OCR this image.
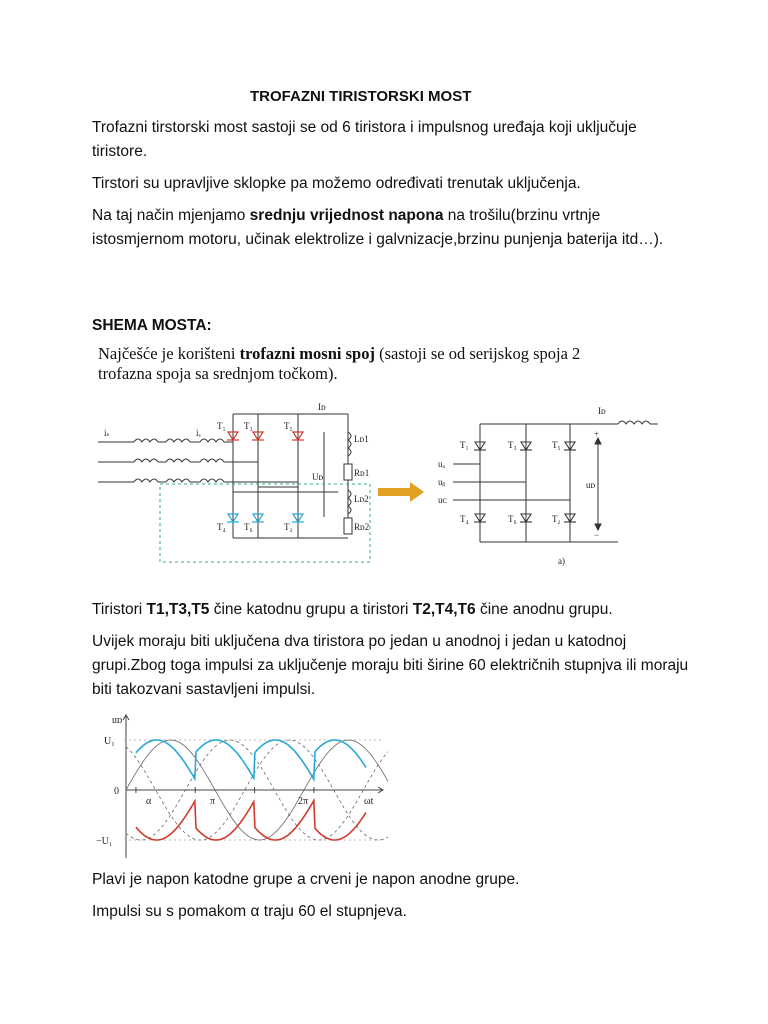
TROFAZNI TIRISTORSKI MOST

Trofazni tirstorski most sastoji se od 6 tiristora i impulsnog uređaja koji uključuje tiristore.

Tirstori su upravljive sklopke pa možemo određivati trenutak uključenja.

Na taj način mjenjamo srednju vrijednost napona na trošilu(brzinu vrtnje istosmjernom motoru, učinak elektrolize i galvnizacje,brzinu punjenja baterija itd…).

SHEMA MOSTA:

Najčešće je korišteni trofazni mosni spoj (sastoji se od serijskog spoja 2
trofazna spoja sa srednjom točkom).
T₁ T₃	T₅
T₄ T₆	T₂
Iᴅ
Lᴅ1
Rᴅ1
Lᴅ2
Rᴅ2
Uᴅ
iₛ	iᵥ
T₁	T₃	T₅
T₄	T₆	T₂
Iᴅ
uᴅ
uₐ
uᵦ
uᴄ
+
−
a)

Tiristori T1,T3,T5 čine katodnu grupu a tiristori T2,T4,T6 čine anodnu grupu.

Uvijek moraju biti uključena dva tiristora po jedan u anodnoj i jedan u katodnoj grupi.Zbog toga impulsi za uključenje moraju biti širine 60 električnih stupnjva ili moraju biti takozvani sastavljeni impulsi.

uᴅ
U₁
0
−U₁
α	π	2π	ωt

Plavi je napon katodne grupe a crveni je napon anodne grupe.

Impulsi su s pomakom α traju 60 el stupnjeva.
